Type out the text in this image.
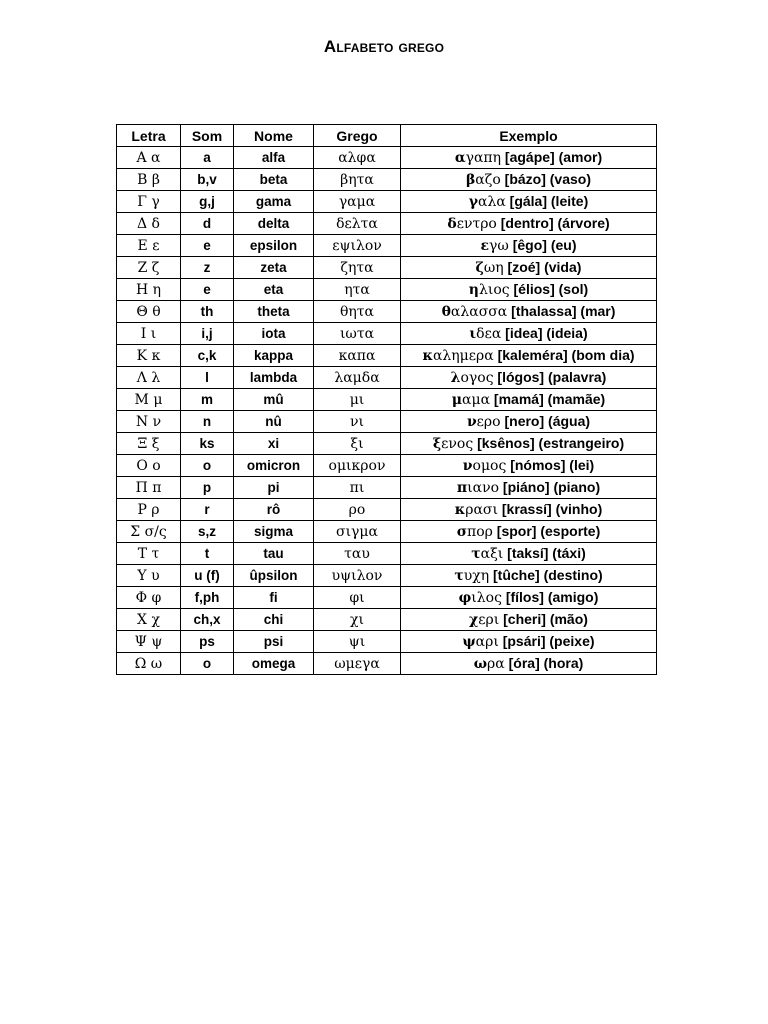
Alfabeto grego
Letra	Som	Nome	Grego	Exemplo
Α α	a	alfa	αλφα	αγαπη [agápe] (amor)
Β β	b,v	beta	βητα	βαζο [bázo] (vaso)
Γ γ	g,j	gama	γαμα	γαλα [gála] (leite)
Δ δ	d	delta	δελτα	δεντρο [dentro] (árvore)
Ε ε	e	epsilon	εψιλον	εγω [êgo] (eu)
Ζ ζ	z	zeta	ζητα	ζωη [zoé] (vida)
Η η	e	eta	ητα	ηλιος [élios] (sol)
Θ θ	th	theta	θητα	θαλασσα [thalassa] (mar)
Ι ι	i,j	iota	ιωτα	ιδεα [idea] (ideia)
Κ κ	c,k	kappa	καπα	καλημερα [kaleméra] (bom dia)
Λ λ	l	lambda	λαμδα	λογος [lógos] (palavra)
Μ μ	m	mû	μι	μαμα [mamá] (mamãe)
Ν ν	n	nû	νι	νερο [nero] (água)
Ξ ξ	ks	xi	ξι	ξενος [ksênos] (estrangeiro)
Ο ο	o	omicron	ομικρον	νομος [nómos] (lei)
Π π	p	pi	πι	πιανο [piáno] (piano)
Ρ ρ	r	rô	ρο	κρασι [krassí] (vinho)
Σ σ/ς	s,z	sigma	σιγμα	σπορ [spor] (esporte)
Τ τ	t	tau	ταυ	ταξι [taksí] (táxi)
Υ υ	u (f)	ûpsilon	υψιλον	τυχη [tûche] (destino)
Φ φ	f,ph	fi	φι	φιλος [fílos] (amigo)
Χ χ	ch,x	chi	χι	χερι [cheri] (mão)
Ψ ψ	ps	psi	ψι	ψαρι [psári] (peixe)
Ω ω	o	omega	ωμεγα	ωρα [óra] (hora)
